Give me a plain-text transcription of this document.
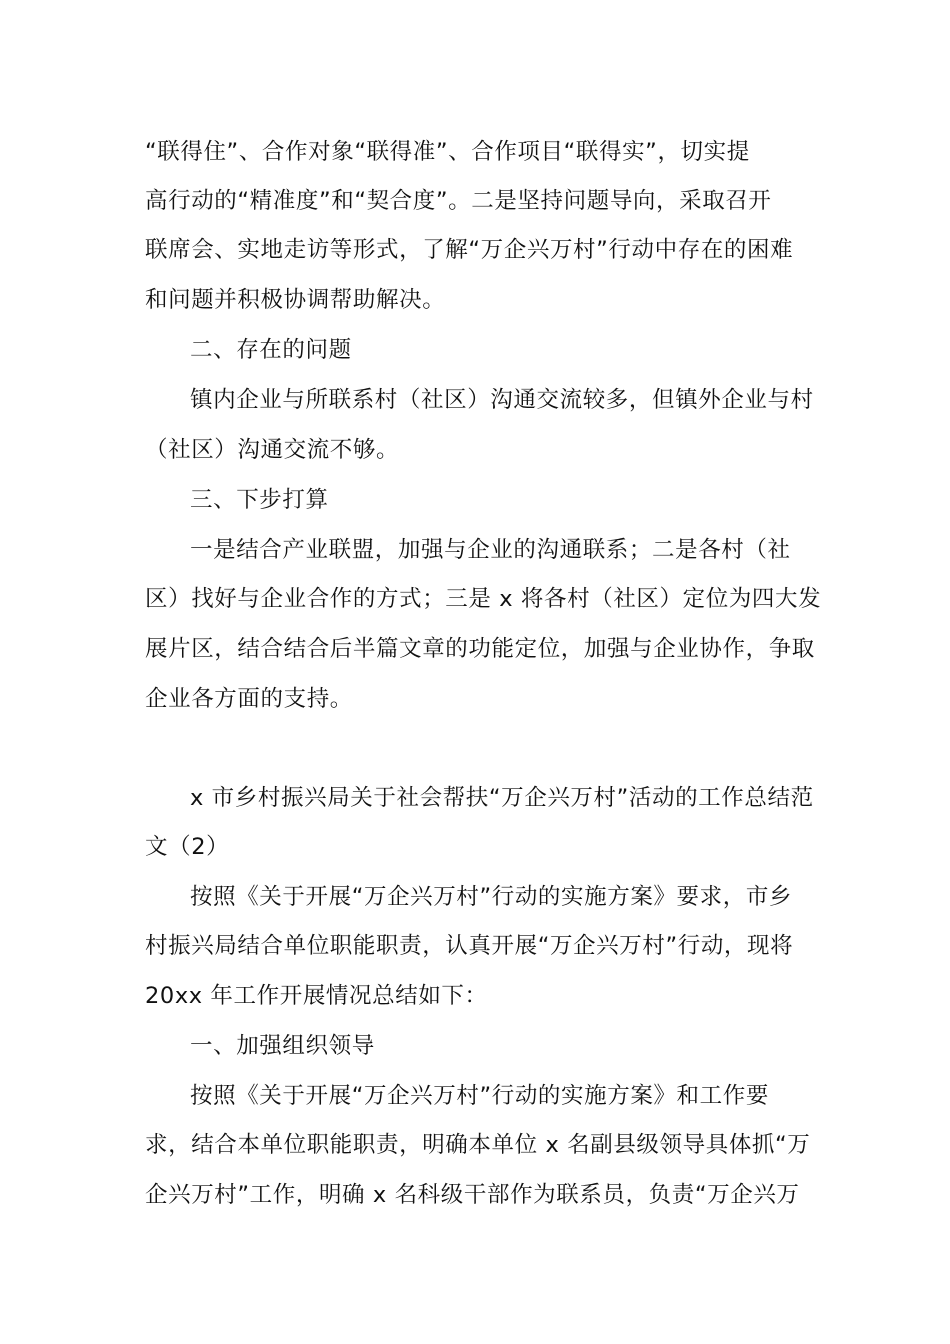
“联得住”、合作对象“联得准”、合作项目“联得实”，切实提
高行动的“精准度”和“契合度”。二是坚持问题导向，采取召开
联席会、实地走访等形式，了解“万企兴万村”行动中存在的困难
和问题并积极协调帮助解决。
二、存在的问题
镇内企业与所联系村（社区）沟通交流较多，但镇外企业与村
（社区）沟通交流不够。
三、下步打算
一是结合产业联盟，加强与企业的沟通联系；二是各村（社
区）找好与企业合作的方式；三是 x 将各村（社区）定位为四大发
展片区，结合结合后半篇文章的功能定位，加强与企业协作，争取
企业各方面的支持。
x 市乡村振兴局关于社会帮扶“万企兴万村”活动的工作总结范
文（2）
按照《关于开展“万企兴万村”行动的实施方案》要求，市乡
村振兴局结合单位职能职责，认真开展“万企兴万村”行动，现将
20xx 年工作开展情况总结如下：
一、加强组织领导
按照《关于开展“万企兴万村”行动的实施方案》和工作要
求，结合本单位职能职责，明确本单位 x 名副县级领导具体抓“万
企兴万村”工作，明确 x 名科级干部作为联系员，负责“万企兴万
